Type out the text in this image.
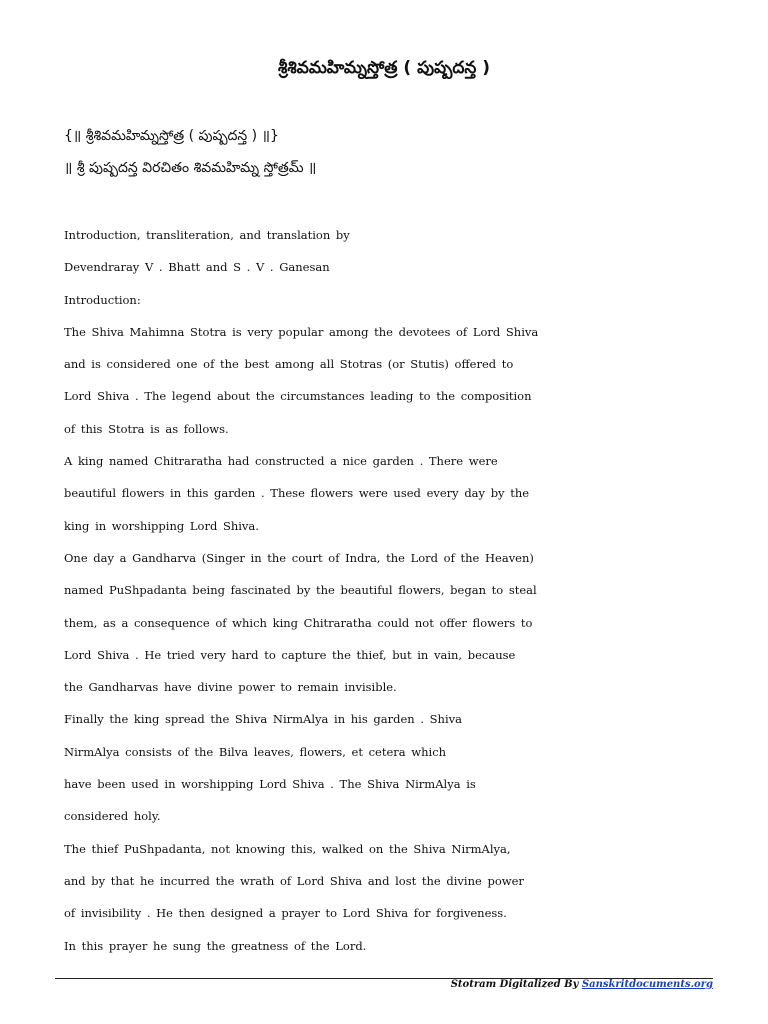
శ్రీశివమహిమ్నస్తోత్ర ( పుష్పదన్త )
{॥ శ్రీశివమహిమ్నస్తోత్ర ( పుష్పదన్త ) ॥}
॥ శ్రీ పుష్పదన్త విరచితం శివమహిమ్న స్తోత్రమ్ ॥
Introduction, transliteration, and translation by
Devendraray V . Bhatt and S . V . Ganesan
Introduction:
The Shiva Mahimna Stotra is very popular among the devotees of Lord Shiva
and is considered one of the best among all Stotras (or Stutis) offered to
Lord Shiva . The legend about the circumstances leading to the composition
of this Stotra is as follows.
A king named Chitraratha had constructed a nice garden . There were
beautiful flowers in this garden . These flowers were used every day by the
king in worshipping Lord Shiva.
One day a Gandharva (Singer in the court of Indra, the Lord of the Heaven)
named PuShpadanta being fascinated by the beautiful flowers, began to steal
them, as a consequence of which king Chitraratha could not offer flowers to
Lord Shiva . He tried very hard to capture the thief, but in vain, because
the Gandharvas have divine power to remain invisible.
Finally the king spread the Shiva NirmAlya in his garden . Shiva
NirmAlya consists of the Bilva leaves, flowers, et cetera which
have been used in worshipping Lord Shiva . The Shiva NirmAlya is
considered holy.
The thief PuShpadanta, not knowing this, walked on the Shiva NirmAlya,
and by that he incurred the wrath of Lord Shiva and lost the divine power
of invisibility . He then designed a prayer to Lord Shiva for forgiveness.
In this prayer he sung the greatness of the Lord.
Stotram Digitalized By Sanskritdocuments.org
